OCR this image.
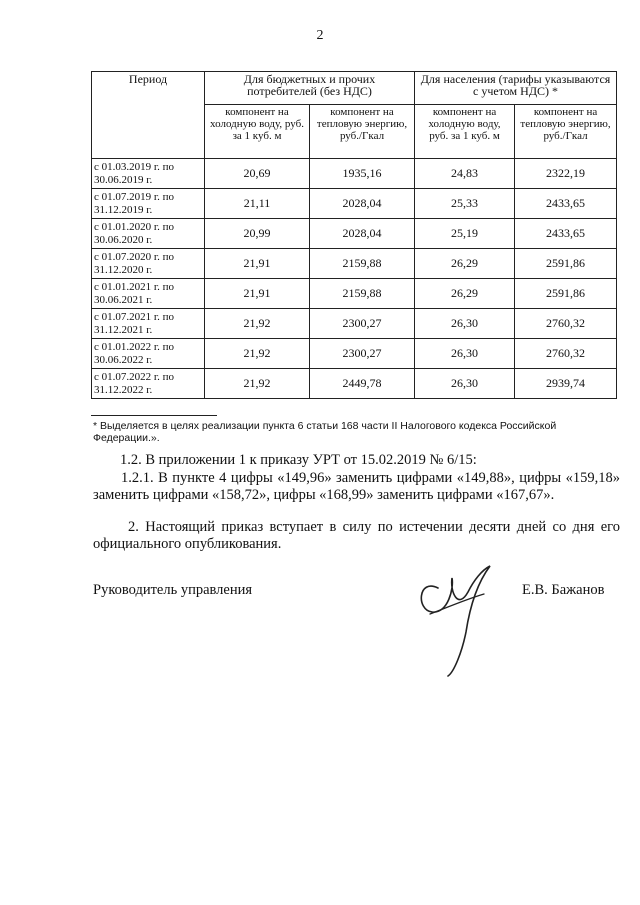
2
Период	Для бюджетных и прочих потребителей (без НДС)		Для населения (тарифы указываются с учетом НДС) *	
	компонент на холодную воду, руб. за 1 куб. м	компонент на тепловую энергию, руб./Гкал	компонент на холодную воду, руб. за 1 куб. м	компонент на тепловую энергию, руб./Гкал
с 01.03.2019 г. по 30.06.2019 г.	20,69	1935,16	24,83	2322,19
с 01.07.2019 г. по 31.12.2019 г.	21,11	2028,04	25,33	2433,65
с 01.01.2020 г. по 30.06.2020 г.	20,99	2028,04	25,19	2433,65
с 01.07.2020 г. по 31.12.2020 г.	21,91	2159,88	26,29	2591,86
с 01.01.2021 г. по 30.06.2021 г.	21,91	2159,88	26,29	2591,86
с 01.07.2021 г. по 31.12.2021 г.	21,92	2300,27	26,30	2760,32
с 01.01.2022 г. по 30.06.2022 г.	21,92	2300,27	26,30	2760,32
с 01.07.2022 г. по 31.12.2022 г.	21,92	2449,78	26,30	2939,74
* Выделяется в целях реализации пункта 6 статьи 168 части II Налогового кодекса Российской Федерации.».
1.2. В приложении 1 к приказу УРТ от 15.02.2019 № 6/15:
1.2.1. В пункте 4 цифры «149,96» заменить цифрами «149,88», цифры «159,18» заменить цифрами «158,72», цифры «168,99» заменить цифрами «167,67».
2. Настоящий приказ вступает в силу по истечении десяти дней со дня его официального опубликования.
Руководитель управления	Е.В. Бажанов
